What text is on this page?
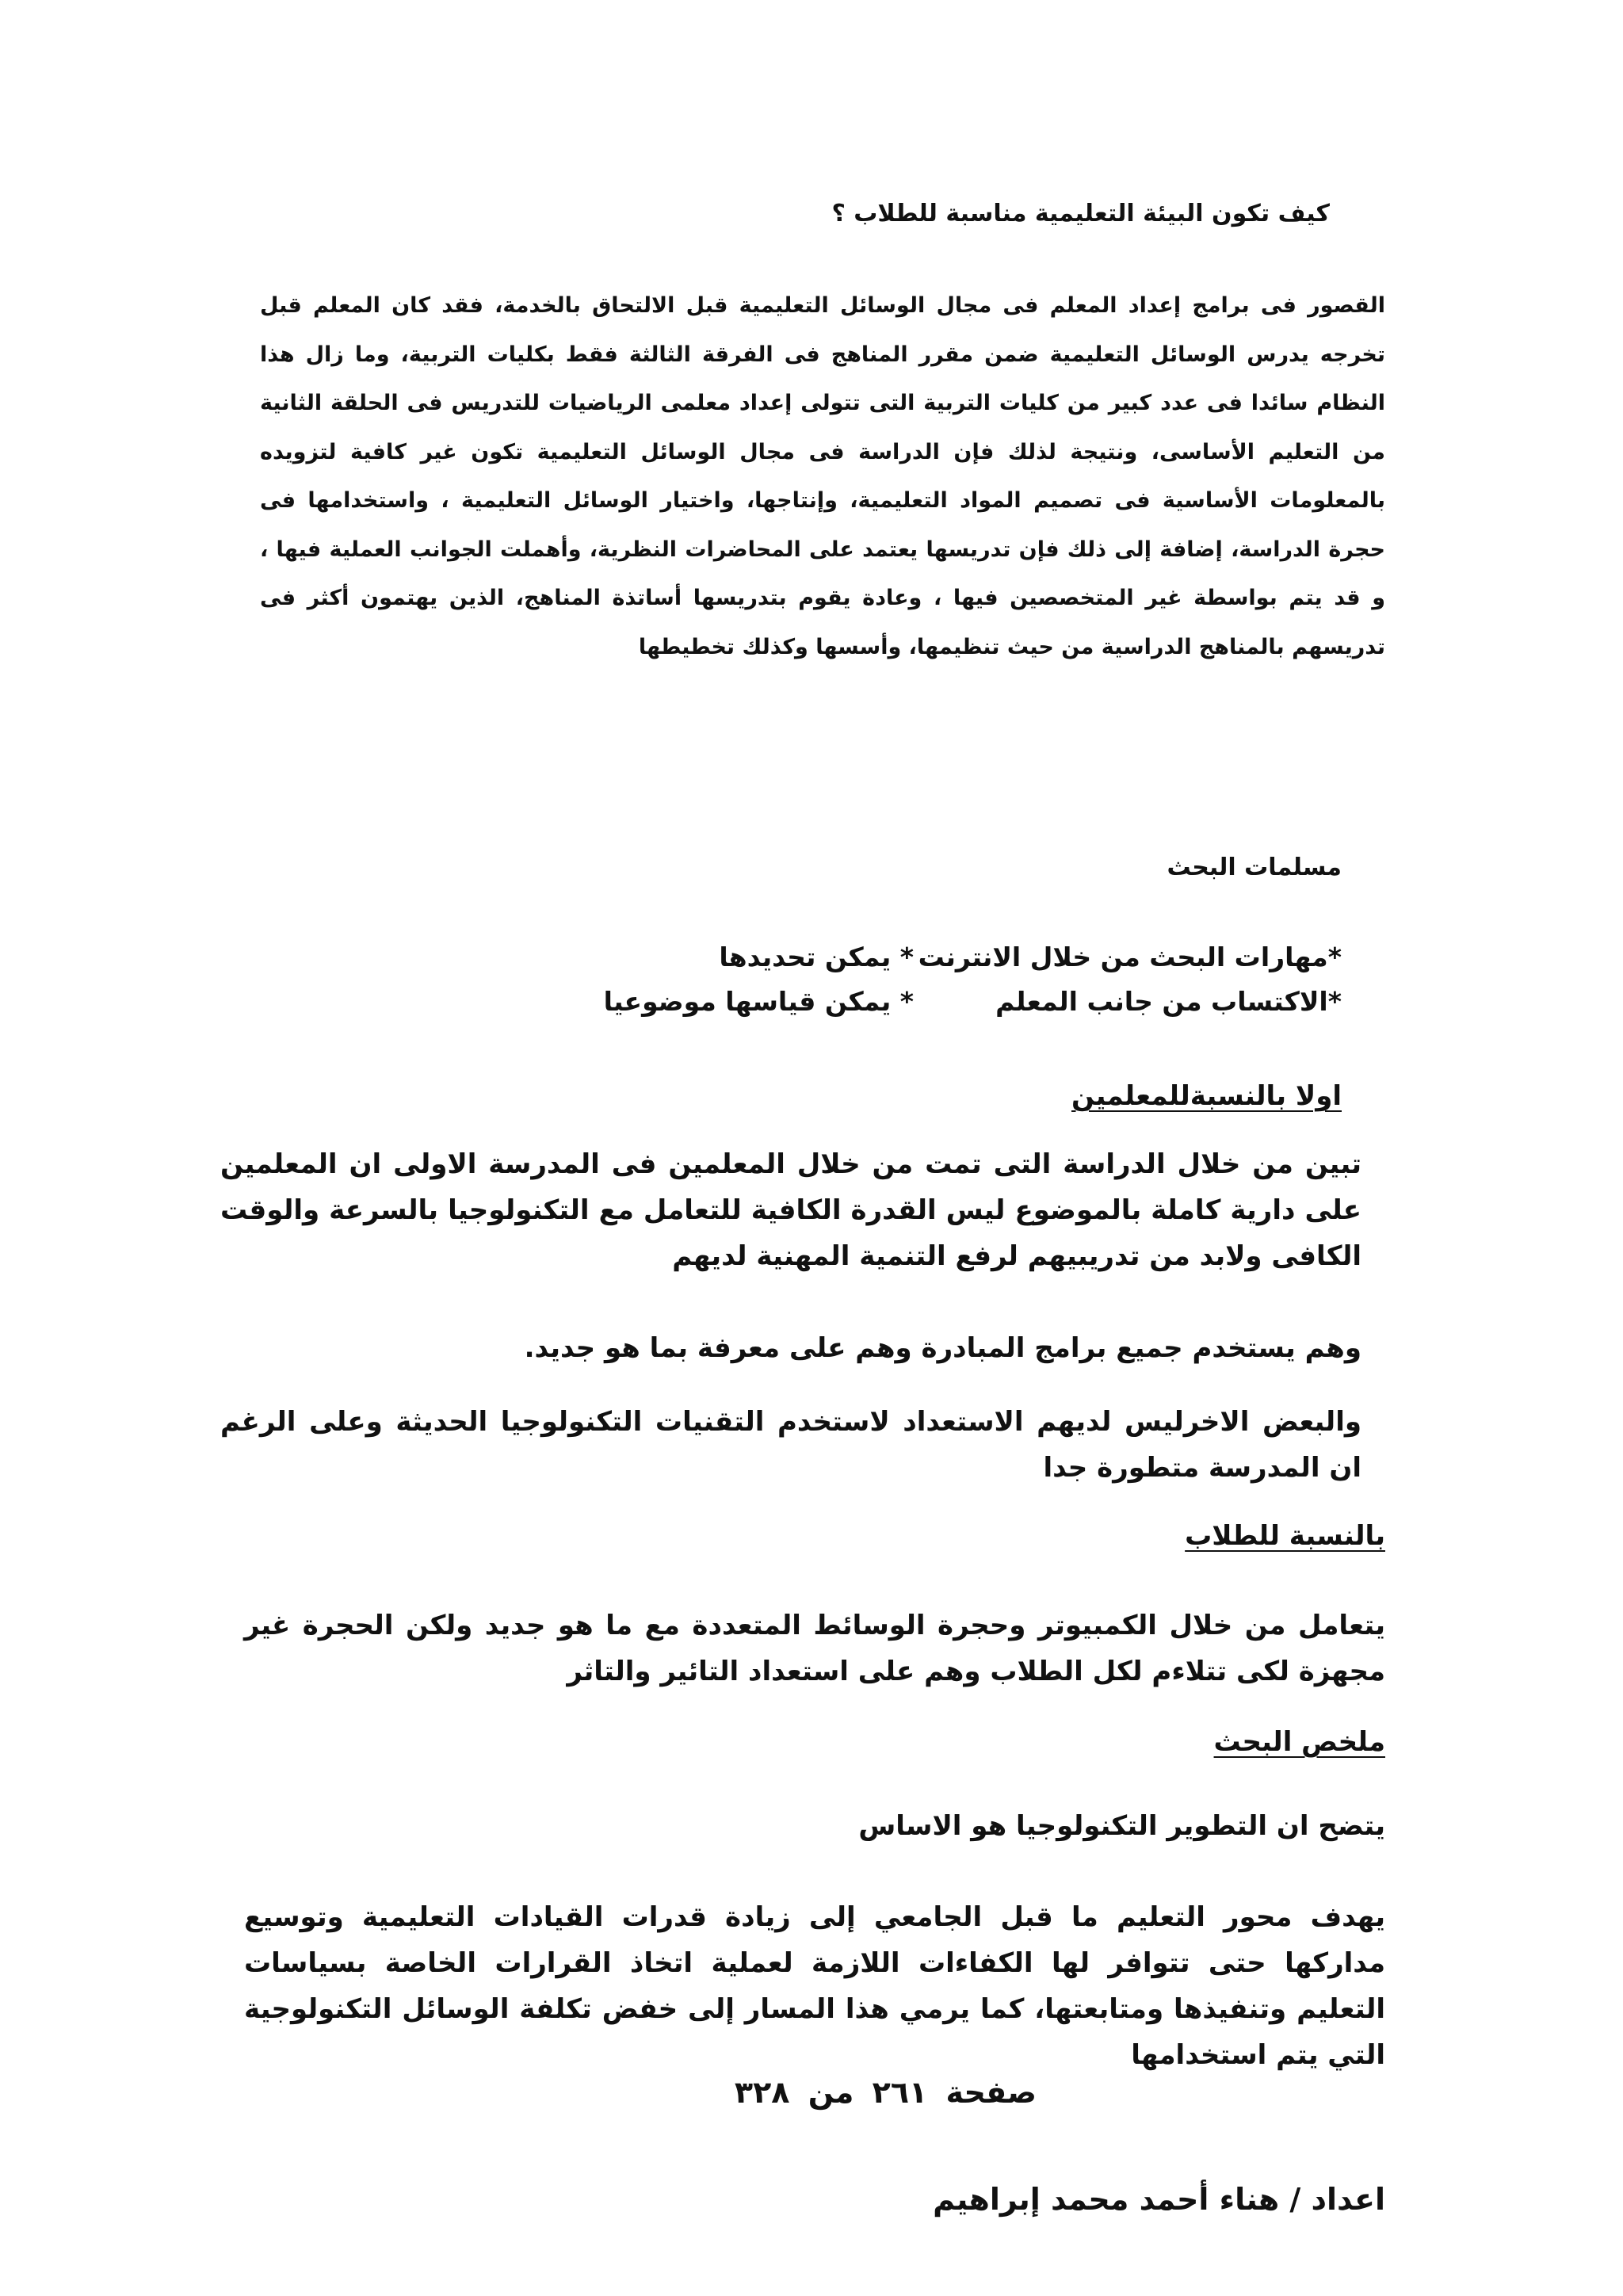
كيف تكون البيئة التعليمية مناسبة للطلاب ؟

القصور فى برامج إعداد المعلم فى مجال الوسائل التعليمية قبل الالتحاق بالخدمة، فقد كان المعلم قبل تخرجه يدرس الوسائل التعليمية ضمن مقرر المناهج فى الفرقة الثالثة فقط بكليات التربية، وما زال هذا النظام سائدا فى عدد كبير من كليات التربية التى تتولى إعداد معلمى الرياضيات للتدريس فى الحلقة الثانية من التعليم الأساسى، ونتيجة لذلك فإن الدراسة فى مجال الوسائل التعليمية تكون غير كافية لتزويده بالمعلومات الأساسية فى تصميم المواد التعليمية، وإنتاجها، واختيار الوسائل التعليمية ، واستخدامها فى حجرة الدراسة، إضافة إلى ذلك فإن تدريسها يعتمد على المحاضرات النظرية، وأهملت الجوانب العملية فيها ، و قد يتم بواسطة غير المتخصصين فيها ، وعادة يقوم بتدريسها أساتذة المناهج، الذين يهتمون أكثر فى تدريسهم بالمناهج الدراسية من حيث تنظيمها، وأسسها وكذلك تخطيطها

مسلمات البحث
*مهارات البحث من خلال الانترنت
* يمكن تحديدها
*الاكتساب من جانب المعلم
* يمكن قياسها موضوعيا
اولا بالنسبةللمعلمين

تبين من خلال الدراسة التى تمت من خلال المعلمين فى المدرسة الاولى ان المعلمين على دارية كاملة بالموضوع ليس القدرة الكافية للتعامل مع التكنولوجيا بالسرعة والوقت الكافى ولابد من تدريبيهم لرفع التنمية المهنية لديهم

وهم يستخدم جميع برامج المبادرة وهم على معرفة بما هو جديد.

والبعض الاخرليس لديهم الاستعداد لاستخدم التقنيات التكنولوجيا الحديثة وعلى الرغم ان المدرسة متطورة جدا

بالنسبة للطلاب

يتعامل من خلال الكمبيوتر وحجرة الوسائط المتعددة مع ما هو جديد ولكن الحجرة غير مجهزة لكى تتلاءم لكل الطلاب وهم على استعداد التائير والتاثر

ملخص البحث

يتضح ان التطوير التكنولوجيا هو الاساس

يهدف محور التعليم ما قبل الجامعي إلى زيادة قدرات القيادات التعليمية وتوسيع مداركها حتى تتوافر لها الكفاءات اللازمة لعملية اتخاذ القرارات الخاصة بسياسات التعليم وتنفيذها ومتابعتها، كما يرمي هذا المسار إلى خفض تكلفة الوسائل التكنولوجية التي يتم استخدامها

صفحة ٢٦١ من ٣٢٨
اعداد / هناء أحمد محمد إبراهيم
